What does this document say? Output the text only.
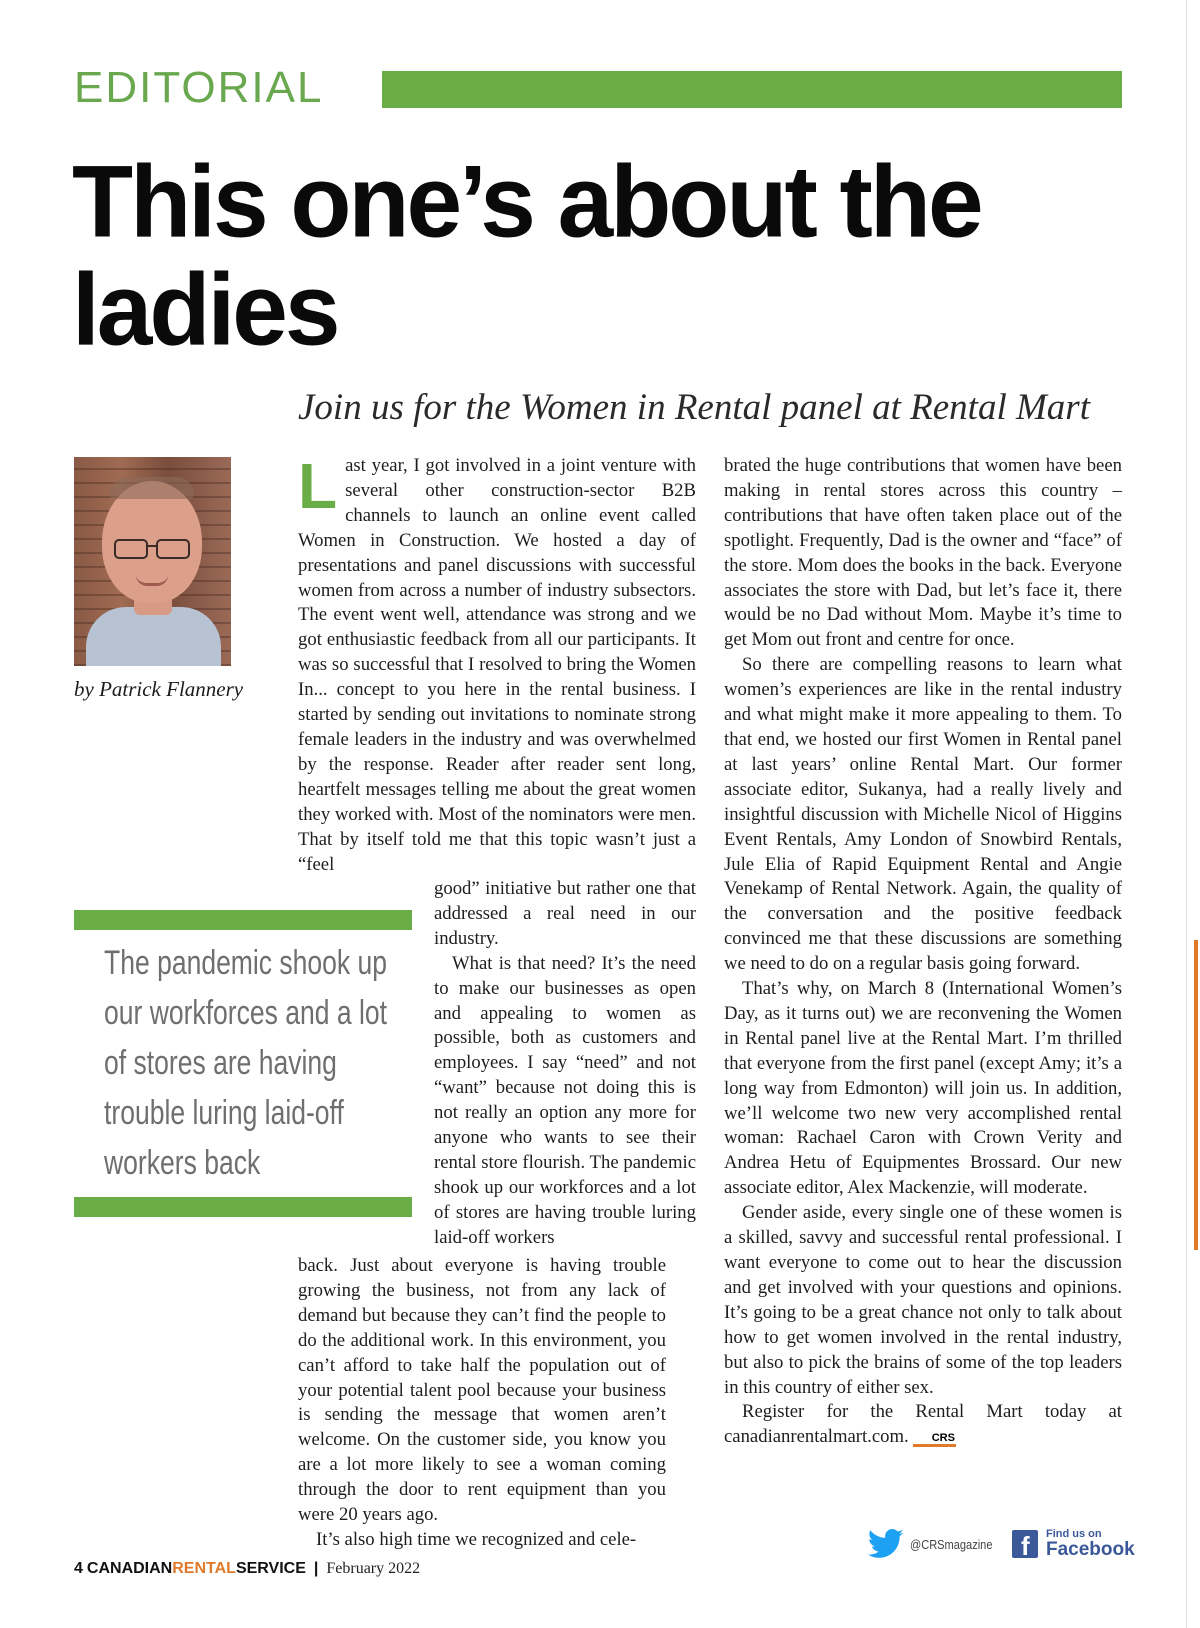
EDITORIAL
This one’s about the ladies
Join us for the Women in Rental panel at Rental Mart
by Patrick Flannery
The pandemic shook up our workforces and a lot of stores are having trouble luring laid-off workers back

Last year, I got involved in a joint venture with several other construction-sector B2B channels to launch an online event called Women in Construction. We hosted a day of presentations and panel discussions with successful women from across a number of industry subsectors. The event went well, attendance was strong and we got enthusiastic feedback from all our participants. It was so successful that I resolved to bring the Women In... concept to you here in the rental business. I started by sending out invitations to nominate strong female leaders in the industry and was overwhelmed by the response. Reader after reader sent long, heartfelt messages telling me about the great women they worked with. Most of the nominators were men. That by itself told me that this topic wasn’t just a “feel

good” initiative but rather one that addressed a real need in our industry.

What is that need? It’s the need to make our businesses as open and appealing to women as possible, both as customers and employees. I say “need” and not “want” because not doing this is not really an option any more for anyone who wants to see their rental store flourish. The pandemic shook up our workforces and a lot of stores are having trouble luring laid-off workers

back. Just about everyone is having trouble growing the business, not from any lack of demand but because they can’t find the people to do the additional work. In this environment, you can’t afford to take half the population out of your potential talent pool because your business is sending the message that women aren’t welcome. On the customer side, you know you are a lot more likely to see a woman coming through the door to rent equipment than you were 20 years ago.

It’s also high time we recognized and cele-

brated the huge contributions that women have been making in rental stores across this country – contributions that have often taken place out of the spotlight. Frequently, Dad is the owner and “face” of the store. Mom does the books in the back. Everyone associates the store with Dad, but let’s face it, there would be no Dad without Mom. Maybe it’s time to get Mom out front and centre for once.

So there are compelling reasons to learn what women’s experiences are like in the rental industry and what might make it more appealing to them. To that end, we hosted our first Women in Rental panel at last years’ online Rental Mart. Our former associate editor, Sukanya, had a really lively and insightful discussion with Michelle Nicol of Higgins Event Rentals, Amy London of Snowbird Rentals, Jule Elia of Rapid Equipment Rental and Angie Venekamp of Rental Network. Again, the quality of the conversation and the positive feedback convinced me that these discussions are something we need to do on a regular basis going forward.

That’s why, on March 8 (International Women’s Day, as it turns out) we are reconvening the Women in Rental panel live at the Rental Mart. I’m thrilled that everyone from the first panel (except Amy; it’s a long way from Edmonton) will join us. In addition, we’ll welcome two new very accomplished rental woman: Rachael Caron with Crown Verity and Andrea Hetu of Equipmentes Brossard. Our new associate editor, Alex Mackenzie, will moderate.

Gender aside, every single one of these women is a skilled, savvy and successful rental professional. I want everyone to come out to hear the discussion and get involved with your questions and opinions. It’s going to be a great chance not only to talk about how to get women involved in the rental industry, but also to pick the brains of some of the top leaders in this country of either sex.

Register for the Rental Mart today at canadianrentalmart.com. CRS

@CRSmagazine f Find us on
Facebook
4
CANADIAN RENTAL SERVICE | February 2022
